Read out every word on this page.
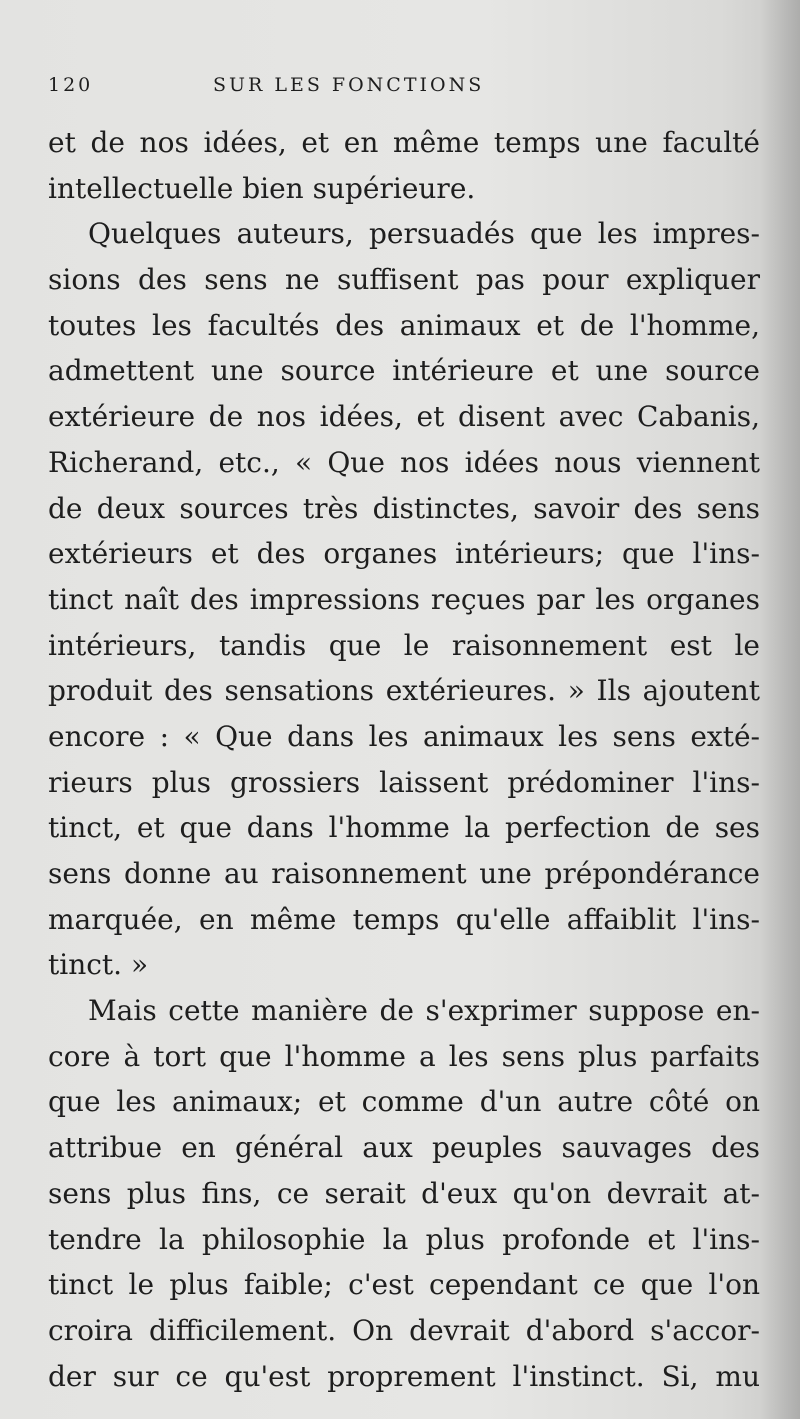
120	SUR LES FONCTIONS
et de nos idées, et en même temps une faculté
intellectuelle bien supérieure.
Quelques auteurs, persuadés que les impres-
sions des sens ne suffisent pas pour expliquer
toutes les facultés des animaux et de l'homme,
admettent une source intérieure et une source
extérieure de nos idées, et disent avec Cabanis,
Richerand, etc., « Que nos idées nous viennent
de deux sources très distinctes, savoir des sens
extérieurs et des organes intérieurs; que l'ins-
tinct naît des impressions reçues par les organes
intérieurs, tandis que le raisonnement est le
produit des sensations extérieures. » Ils ajoutent
encore : « Que dans les animaux les sens exté-
rieurs plus grossiers laissent prédominer l'ins-
tinct, et que dans l'homme la perfection de ses
sens donne au raisonnement une prépondérance
marquée, en même temps qu'elle affaiblit l'ins-
tinct. »
Mais cette manière de s'exprimer suppose en-
core à tort que l'homme a les sens plus parfaits
que les animaux; et comme d'un autre côté on
attribue en général aux peuples sauvages des
sens plus fins, ce serait d'eux qu'on devrait at-
tendre la philosophie la plus profonde et l'ins-
tinct le plus faible; c'est cependant ce que l'on
croira difficilement. On devrait d'abord s'accor-
der sur ce qu'est proprement l'instinct. Si, mu
